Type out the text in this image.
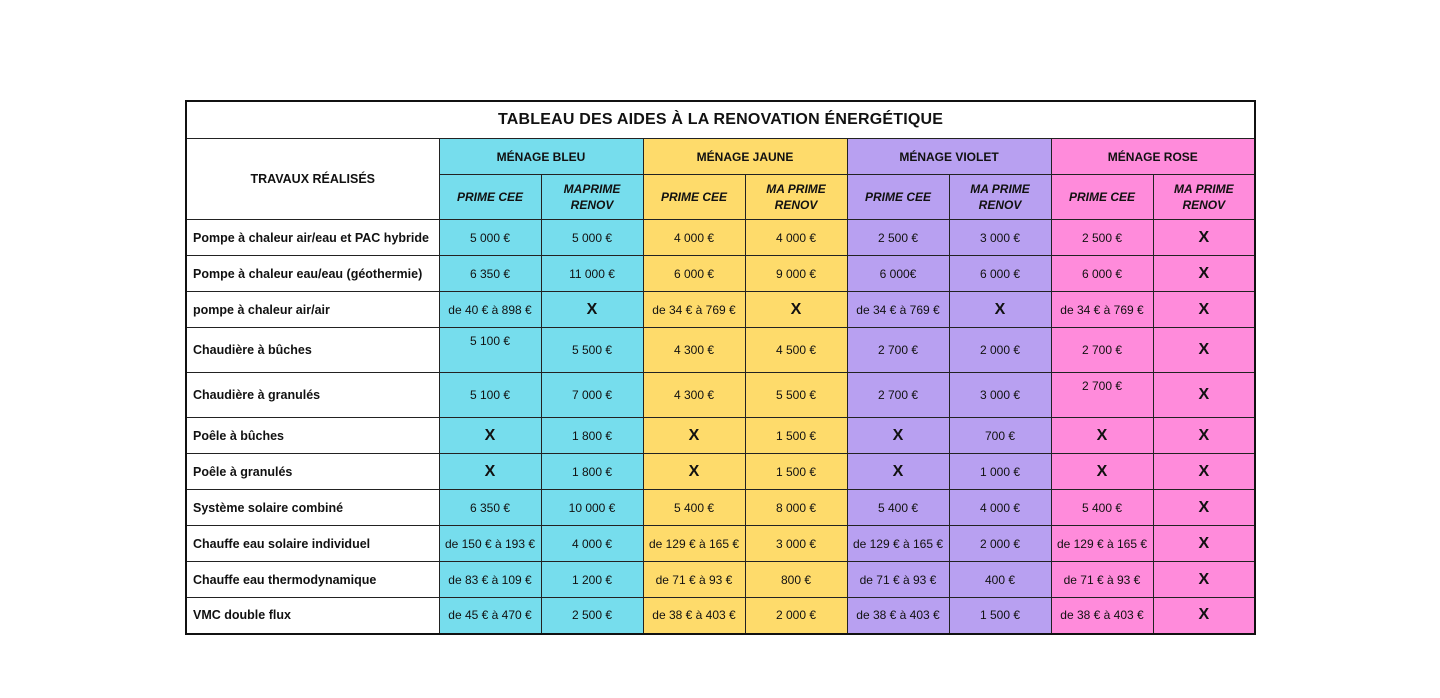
TABLEAU DES AIDES À LA RENOVATION ÉNERGÉTIQUE								
TRAVAUX RÉALISÉS	MÉNAGE BLEU		MÉNAGE JAUNE		MÉNAGE VIOLET		MÉNAGE ROSE	
	PRIME CEE	MAPRIME RENOV	PRIME CEE	MA PRIME RENOV	PRIME CEE	MA PRIME RENOV	PRIME CEE	MA PRIME RENOV
Pompe à chaleur air/eau et PAC hybride	5 000 €	5 000 €	4 000 €	4 000 €	2 500 €	3 000 €	2 500 €	X
Pompe à chaleur eau/eau (géothermie)	6 350 €	11 000 €	6 000 €	9 000 €	6 000€	6 000 €	6 000 €	X
pompe à chaleur air/air	de 40 € à 898 €	X	de 34 € à 769 €	X	de 34 € à 769 €	X	de 34 € à 769 €	X
Chaudière à bûches	5 100 €	5 500 €	4 300 €	4 500 €	2 700 €	2 000 €	2 700 €	X
Chaudière à granulés	5 100 €	7 000 €	4 300 €	5 500 €	2 700 €	3 000 €	2 700 €	X
Poêle à bûches	X	1 800 €	X	1 500 €	X	700 €	X	X
Poêle à granulés	X	1 800 €	X	1 500 €	X	1 000 €	X	X
Système solaire combiné	6 350 €	10 000 €	5 400 €	8 000 €	5 400 €	4 000 €	5 400 €	X
Chauffe eau solaire individuel	de 150 € à 193 €	4 000 €	de 129 € à 165 €	3 000 €	de 129 € à 165 €	2 000 €	de 129 € à 165 €	X
Chauffe eau thermodynamique	de 83 € à 109 €	1 200 €	de 71 € à 93 €	800 €	de 71 € à 93 €	400 €	de 71 € à 93 €	X
VMC double flux	de 45 € à 470 €	2 500 €	de 38 € à 403 €	2 000 €	de 38 € à 403 €	1 500 €	de 38 € à 403 €	X
